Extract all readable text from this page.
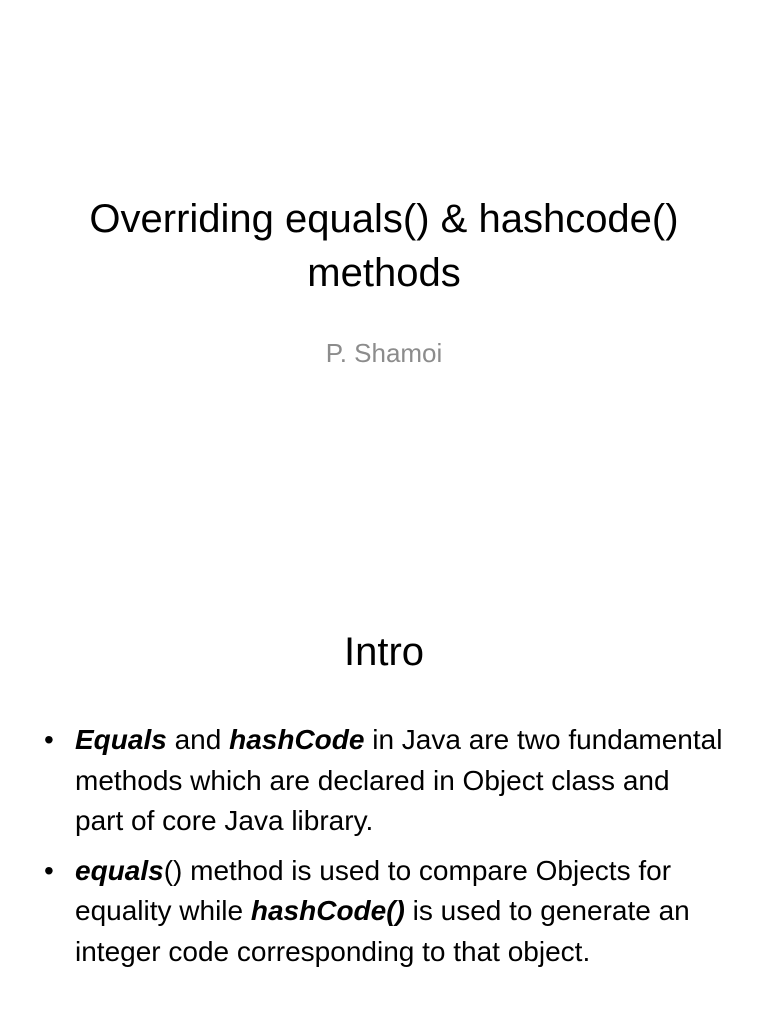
Overriding equals() & hashcode() methods
P. Shamoi
Intro
• Equals and hashCode in Java are two fundamental methods which are declared in Object class and part of core Java library.
• equals() method is used to compare Objects for equality while hashCode() is used to generate an integer code corresponding to that object.
